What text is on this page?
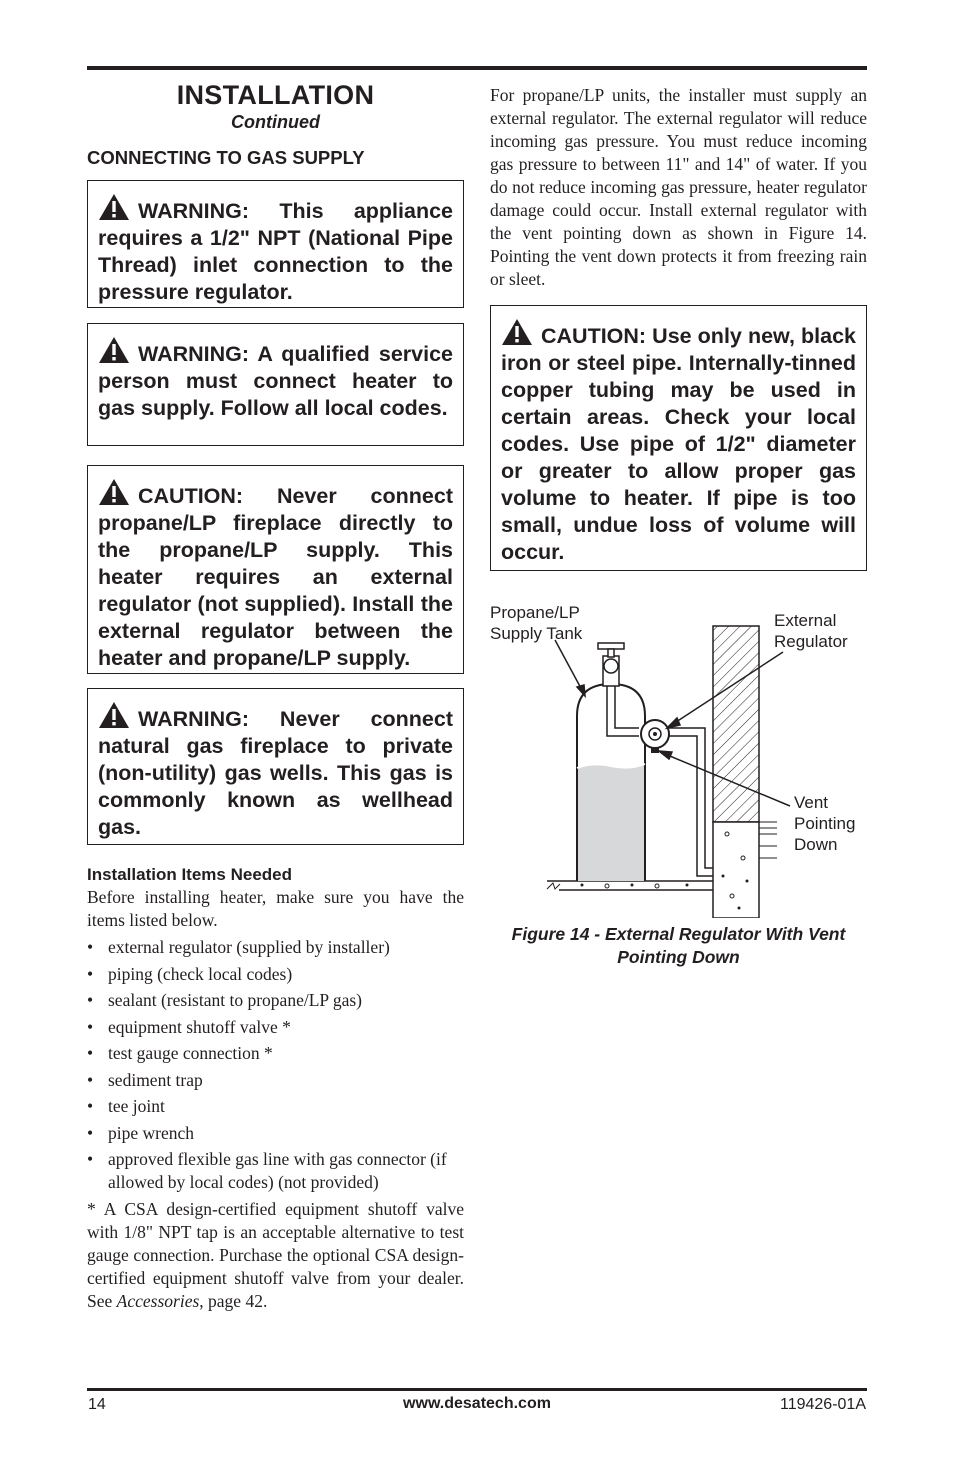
INSTALLATION
Continued
CONNECTING TO GAS SUPPLY
WARNING: This appliance requires a 1/2" NPT (National Pipe Thread) inlet connection to the pressure regulator.
WARNING: A qualified service person must connect heater to gas supply. Follow all local codes.
CAUTION: Never connect propane/LP fireplace directly to the propane/LP supply. This heater requires an external regulator (not supplied). Install the external regulator between the heater and propane/LP supply.
WARNING: Never connect natural gas fireplace to private (non-utility) gas wells. This gas is commonly known as wellhead gas.
Installation Items Needed
Before installing heater, make sure you have the items listed below.
• external regulator (supplied by installer)
• piping (check local codes)
• sealant (resistant to propane/LP gas)
• equipment shutoff valve *
• test gauge connection *
• sediment trap
• tee joint
• pipe wrench
• approved flexible gas line with gas connector (if allowed by local codes) (not provided)
* A CSA design-certified equipment shutoff valve with 1/8" NPT tap is an acceptable alternative to test gauge connection. Purchase the optional CSA design-certified equipment shutoff valve from your dealer. See Accessories, page 42.
For propane/LP units, the installer must supply an external regulator. The external regulator will reduce incoming gas pressure. You must reduce incoming gas pressure to between 11" and 14" of water. If you do not reduce incoming gas pressure, heater regulator damage could occur. Install external regulator with the vent pointing down as shown in Figure 14. Pointing the vent down protects it from freezing rain or sleet.
CAUTION: Use only new, black iron or steel pipe. Internally-tinned copper tubing may be used in certain areas. Check your local codes. Use pipe of 1/2" diameter or greater to allow proper gas volume to heater. If pipe is too small, undue loss of volume will occur.
Propane/LP
Supply Tank
External
Regulator
Vent
Pointing
Down
Figure 14 - External Regulator With Vent
Pointing Down
14	www.desatech.com	119426-01A
